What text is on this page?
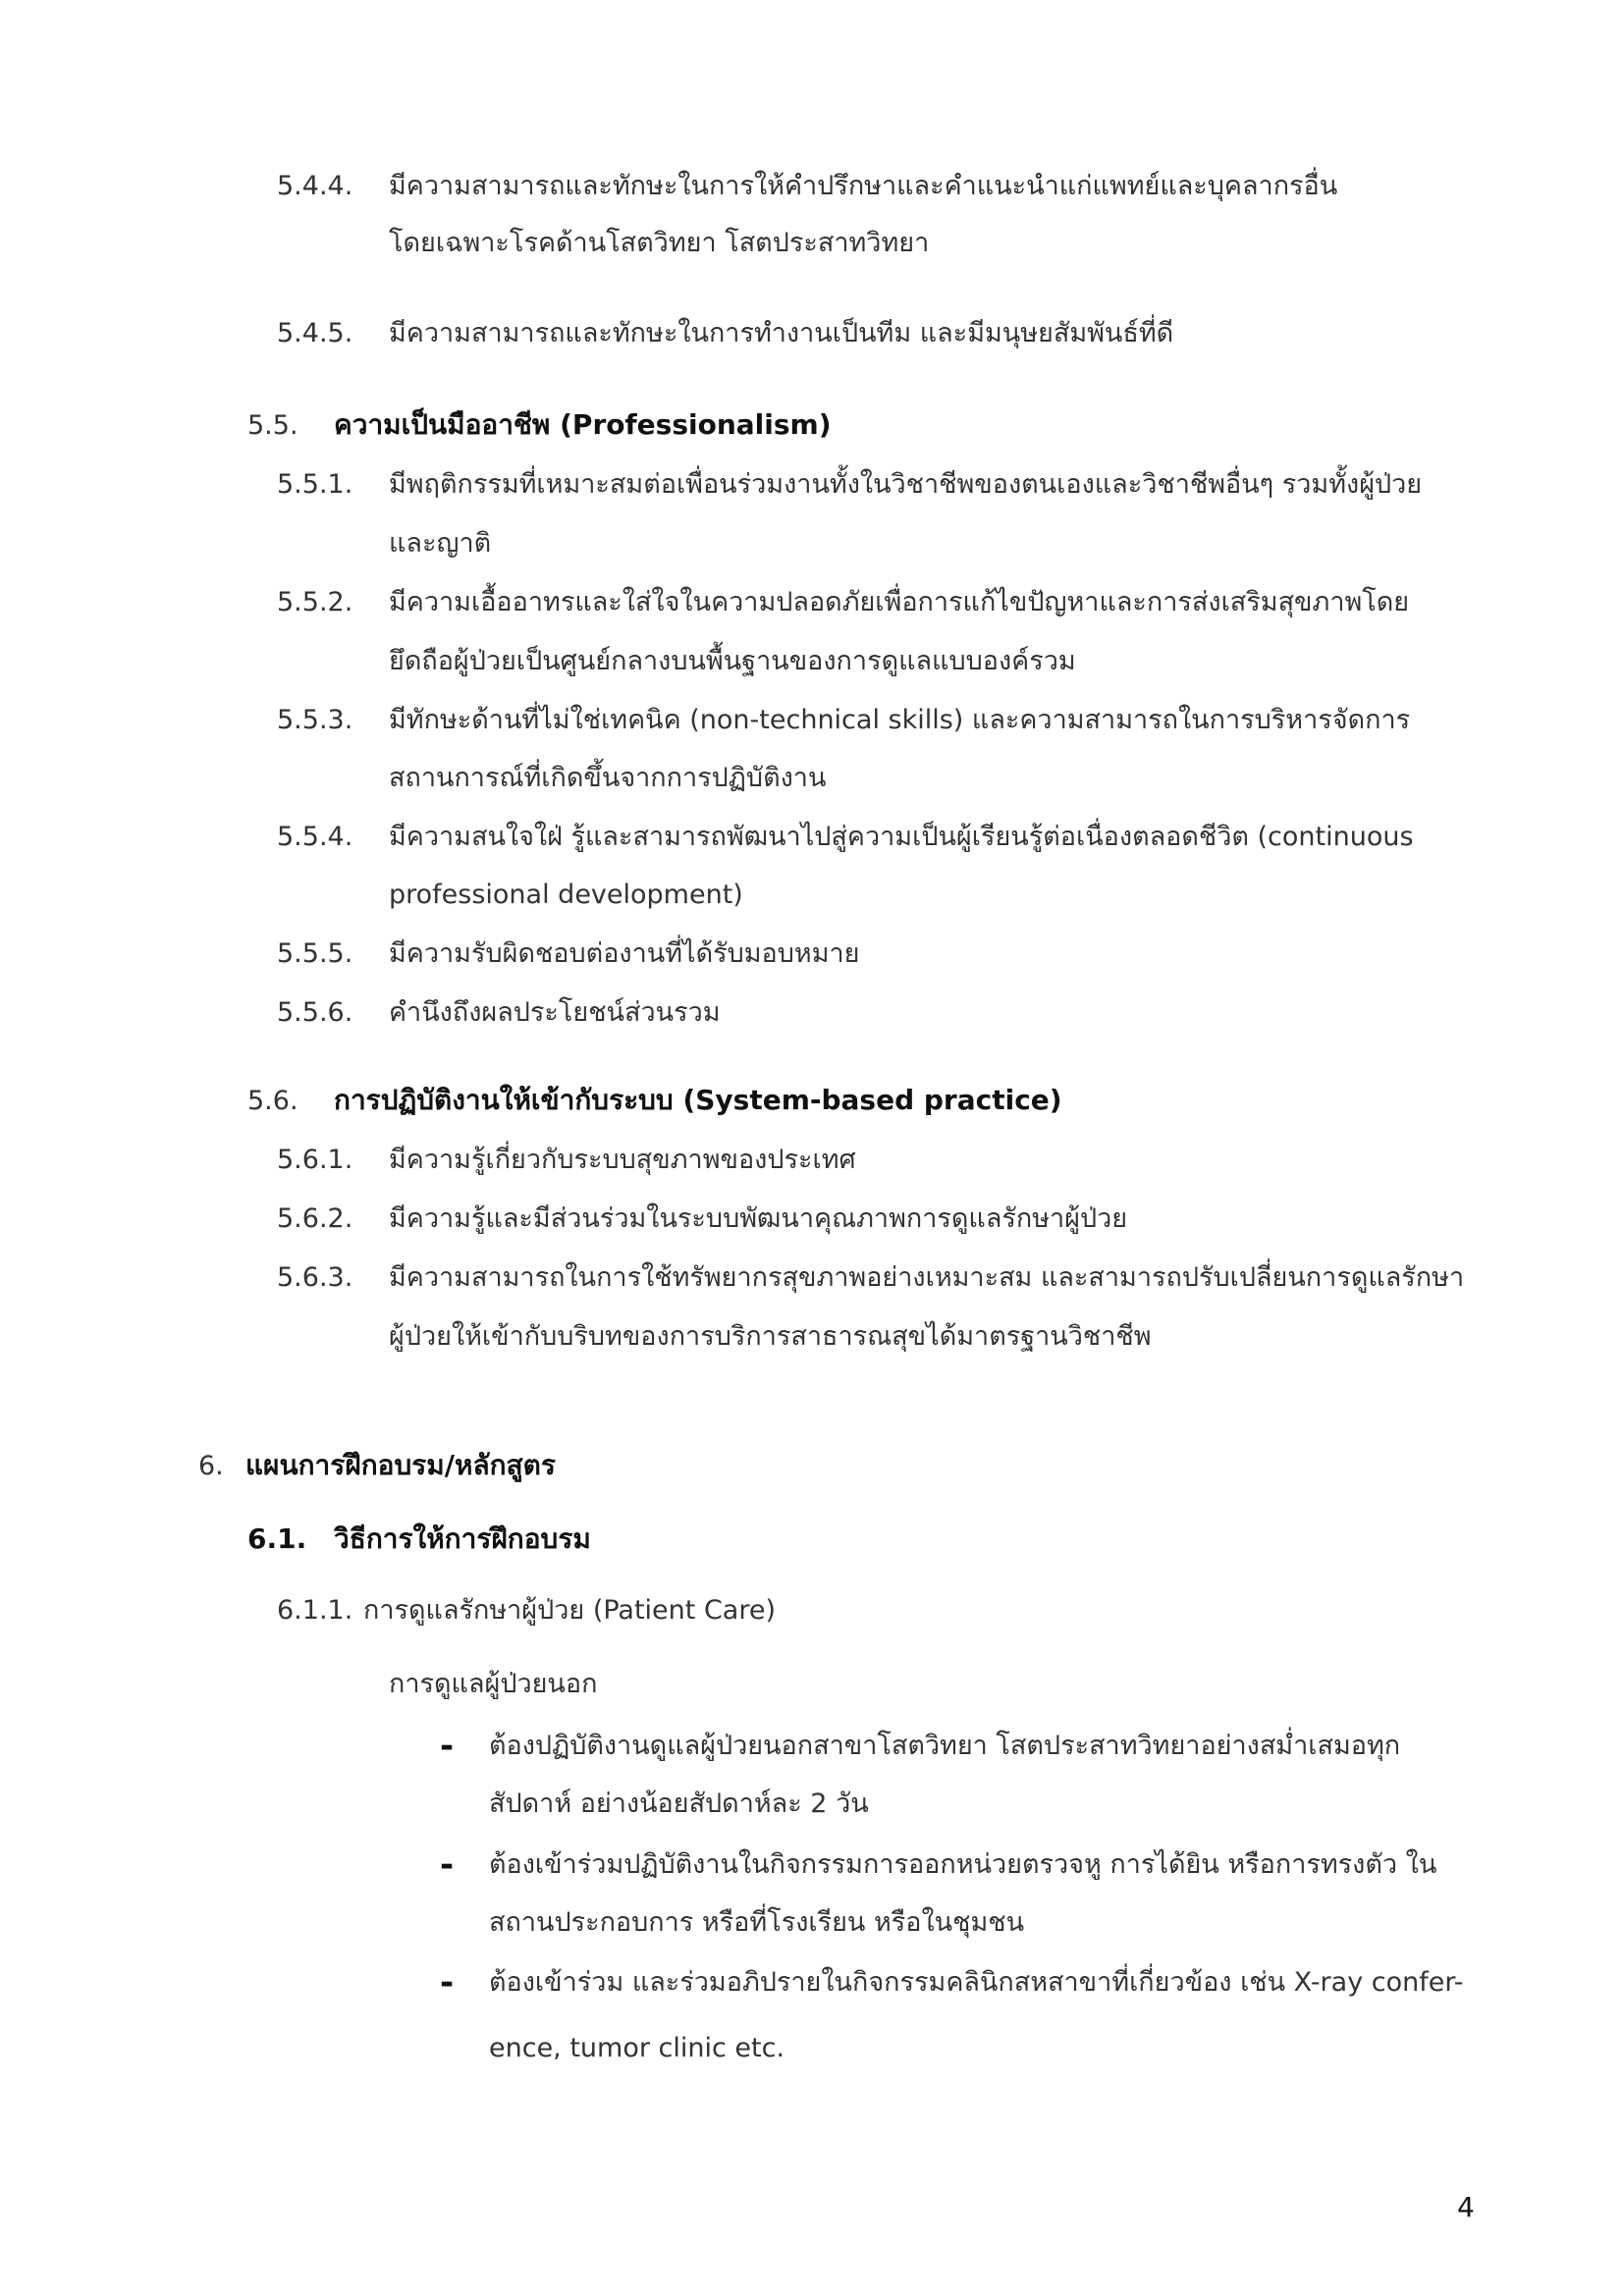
5.4.4. มีความสามารถและทักษะในการให้คำปรึกษาและคำแนะนำแก่แพทย์และบุคลากรอื่น
โดยเฉพาะโรคด้านโสตวิทยา โสตประสาทวิทยา
5.4.5. มีความสามารถและทักษะในการทำงานเป็นทีม และมีมนุษยสัมพันธ์ที่ดี
5.5. ความเป็นมืออาชีพ (Professionalism)
5.5.1. มีพฤติกรรมที่เหมาะสมต่อเพื่อนร่วมงานทั้งในวิชาชีพของตนเองและวิชาชีพอื่นๆ รวมทั้งผู้ป่วย
และญาติ
5.5.2. มีความเอื้ออาทรและใส่ใจในความปลอดภัยเพื่อการแก้ไขปัญหาและการส่งเสริมสุขภาพโดย
ยึดถือผู้ป่วยเป็นศูนย์กลางบนพื้นฐานของการดูแลแบบองค์รวม
5.5.3. มีทักษะด้านที่ไม่ใช่เทคนิค (non-technical skills) และความสามารถในการบริหารจัดการ
สถานการณ์ที่เกิดขึ้นจากการปฏิบัติงาน
5.5.4. มีความสนใจใฝ่ รู้และสามารถพัฒนาไปสู่ความเป็นผู้เรียนรู้ต่อเนื่องตลอดชีวิต (continuous
professional development)
5.5.5. มีความรับผิดชอบต่องานที่ได้รับมอบหมาย
5.5.6. คำนึงถึงผลประโยชน์ส่วนรวม
5.6. การปฏิบัติงานให้เข้ากับระบบ (System-based practice)
5.6.1. มีความรู้เกี่ยวกับระบบสุขภาพของประเทศ
5.6.2. มีความรู้และมีส่วนร่วมในระบบพัฒนาคุณภาพการดูแลรักษาผู้ป่วย
5.6.3. มีความสามารถในการใช้ทรัพยากรสุขภาพอย่างเหมาะสม และสามารถปรับเปลี่ยนการดูแลรักษา
ผู้ป่วยให้เข้ากับบริบทของการบริการสาธารณสุขได้มาตรฐานวิชาชีพ
6. แผนการฝึกอบรม/หลักสูตร
6.1. วิธีการให้การฝึกอบรม
6.1.1. การดูแลรักษาผู้ป่วย (Patient Care)
การดูแลผู้ป่วยนอก
- ต้องปฏิบัติงานดูแลผู้ป่วยนอกสาขาโสตวิทยา โสตประสาทวิทยาอย่างสม่ำเสมอทุก
สัปดาห์ อย่างน้อยสัปดาห์ละ 2 วัน
- ต้องเข้าร่วมปฏิบัติงานในกิจกรรมการออกหน่วยตรวจหู การได้ยิน หรือการทรงตัว ใน
สถานประกอบการ หรือที่โรงเรียน หรือในชุมชน
- ต้องเข้าร่วม และร่วมอภิปรายในกิจกรรมคลินิกสหสาขาที่เกี่ยวข้อง เช่น X-ray confer-
ence, tumor clinic etc.
4
